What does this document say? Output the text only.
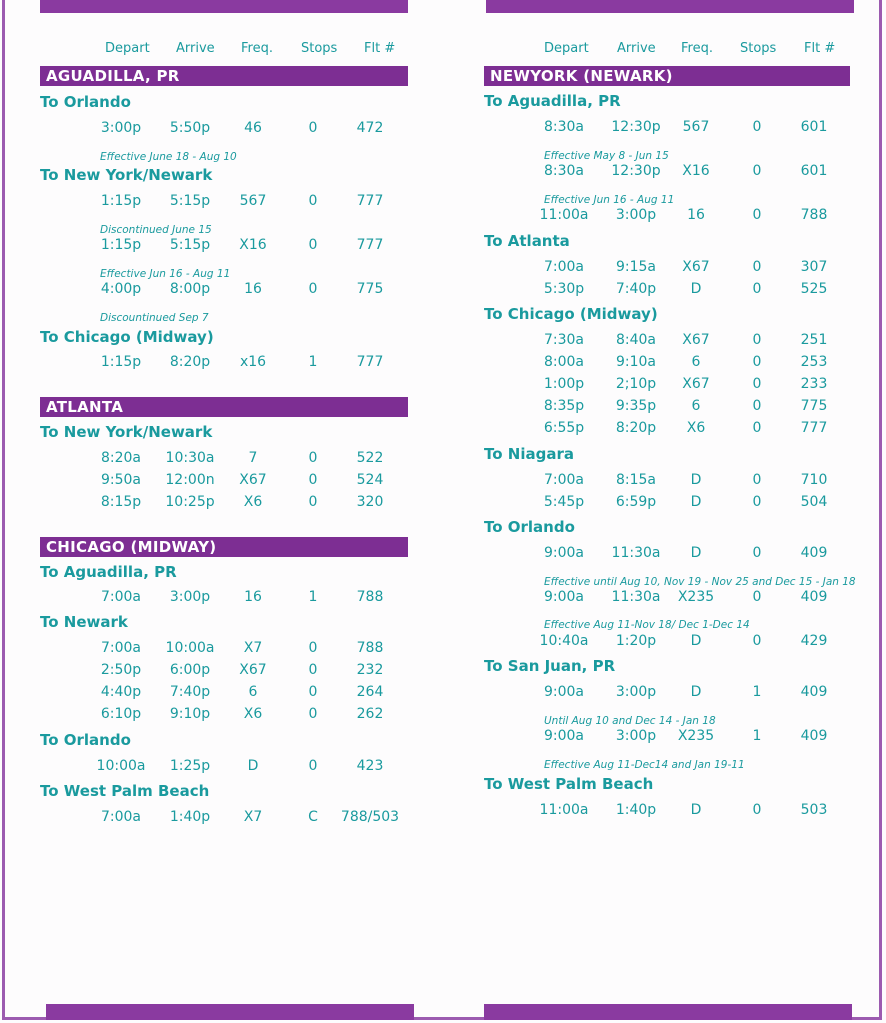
Depart Arrive Freq. Stops Flt #
AGUADILLA, PR
To Orlando
3:00p 5:50p 46	0	472
Effective June 18 - Aug 10
To New York/Newark
1:15p 5:15p 567	0	777
Discontinued June 15
1:15p 5:15p X16	0	777
Effective Jun 16 - Aug 11
4:00p 8:00p 16	0	775
Discountinued Sep 7
To Chicago (Midway)
1:15p 8:20p x16	1	777
ATLANTA
To New York/Newark
8:20a 10:30a 7	0	522
9:50a 12:00n X67	0	524
8:15p 10:25p X6	0	320
CHICAGO (MIDWAY)
To Aguadilla, PR
7:00a 3:00p 16	1	788
To Newark
7:00a 10:00a X7	0	788
2:50p 6:00p X67	0	232
4:40p 7:40p	6	0	264
6:10p 9:10p X6	0	262
To Orlando
10:00a 1:25p	D	0	423
To West Palm Beach
7:00a 1:40p X7	C 788/503
Depart Arrive Freq. Stops Flt #
NEWYORK (NEWARK)
To Aguadilla, PR
8:30a 12:30p 567	0	601
Effective May 8 - Jun 15
8:30a 12:30p X16	0	601
Effective Jun 16 - Aug 11
11:00a 3:00p 16	0	788
To Atlanta
7:00a 9:15a X67	0	307
5:30p 7:40p D	0	525
To Chicago (Midway)
7:30a 8:40a X67	0	251
8:00a 9:10a	6	0	253
1:00p 2;10p X67	0	233
8:35p 9:35p	6	0	775
6:55p 8:20p X6	0	777
To Niagara
7:00a 8:15a D	0	710
5:45p 6:59p D	0	504
To Orlando
9:00a 11:30a D	0	409
Effective until Aug 10, Nov 19 - Nov 25 and Dec 15 - Jan 18
9:00a 11:30a X235	0	409
Effective Aug 11-Nov 18/ Dec 1-Dec 14
10:40a 1:20p D	0	429
To San Juan, PR
9:00a 3:00p D	1	409
Until Aug 10 and Dec 14 - Jan 18
9:00a 3:00p X235	1	409
Effective Aug 11-Dec14 and Jan 19-11
To West Palm Beach
11:00a 1:40p D	0	503
